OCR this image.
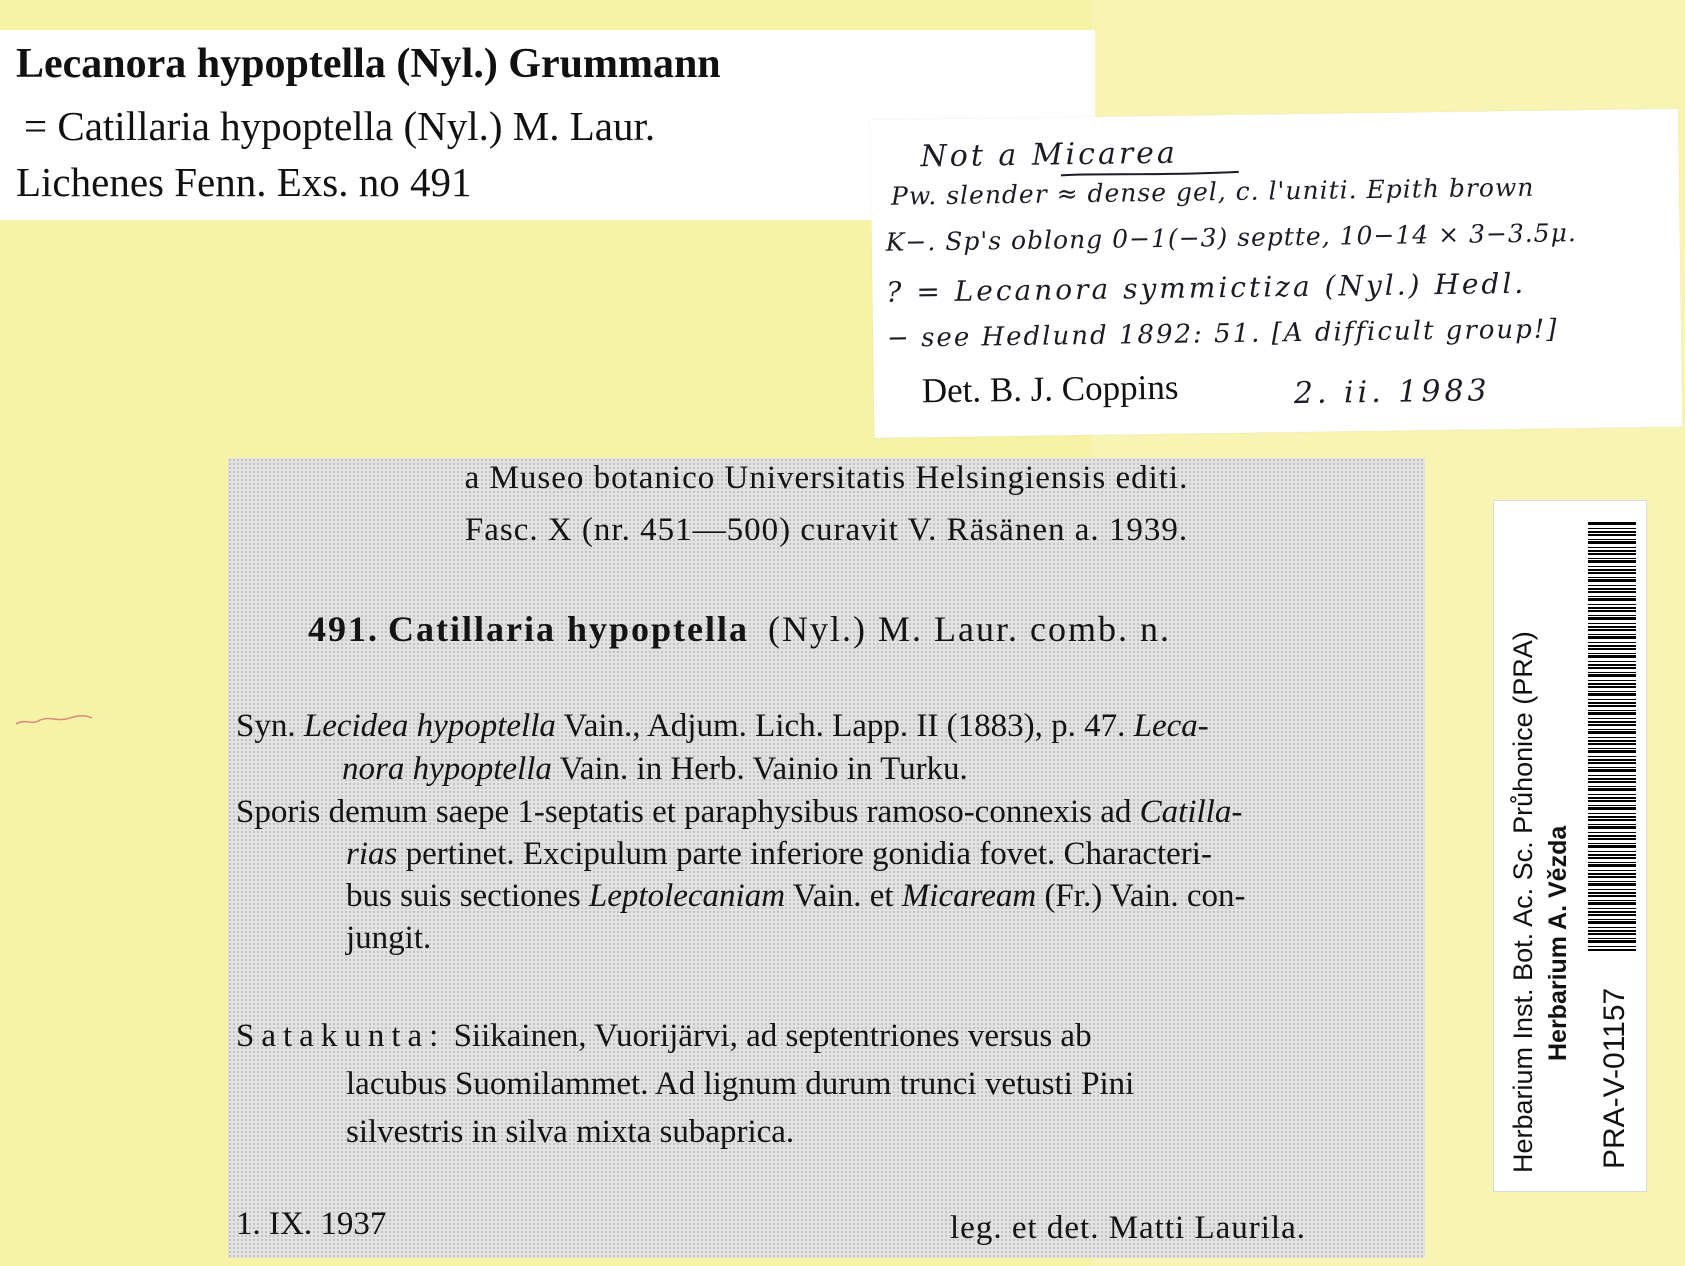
Lecanora hypoptella (Nyl.) Grummann
= Catillaria hypoptella (Nyl.) M. Laur.
Lichenes Fenn. Exs. no 491
Not a Micarea
Pw. slender ≈ dense gel, c. l'uniti. Epith brown
K−. Sp's oblong 0−1(−3) septte, 10−14 × 3−3.5μ.
? = Lecanora symmictiza (Nyl.) Hedl.
− see Hedlund 1892: 51. [A difficult group!]
Det. B. J. Coppins	2. ii. 1983
a Museo botanico Universitatis Helsingiensis editi.
Fasc. X (nr. 451—500) curavit V. Räsänen a. 1939.
491. Catillaria hypoptella (Nyl.) M. Laur. comb. n.
Syn. Lecidea hypoptella Vain., Adjum. Lich. Lapp. II (1883), p. 47. Leca-
nora hypoptella Vain. in Herb. Vainio in Turku.
Sporis demum saepe 1-septatis et paraphysibus ramoso-connexis ad Catilla-
rias pertinet. Excipulum parte inferiore gonidia fovet. Characteri-
bus suis sectiones Leptolecaniam Vain. et Micaream (Fr.) Vain. con-
jungit.
Satakunta: Siikainen, Vuorijärvi, ad septentriones versus ab
lacubus Suomilammet. Ad lignum durum trunci vetusti Pini
silvestris in silva mixta subaprica.
1. IX. 1937	leg. et det. Matti Laurila.
Herbarium Inst. Bot. Ac. Sc. Průhonice (PRA) Herbarium A. Vězda
PRA-V-01157
